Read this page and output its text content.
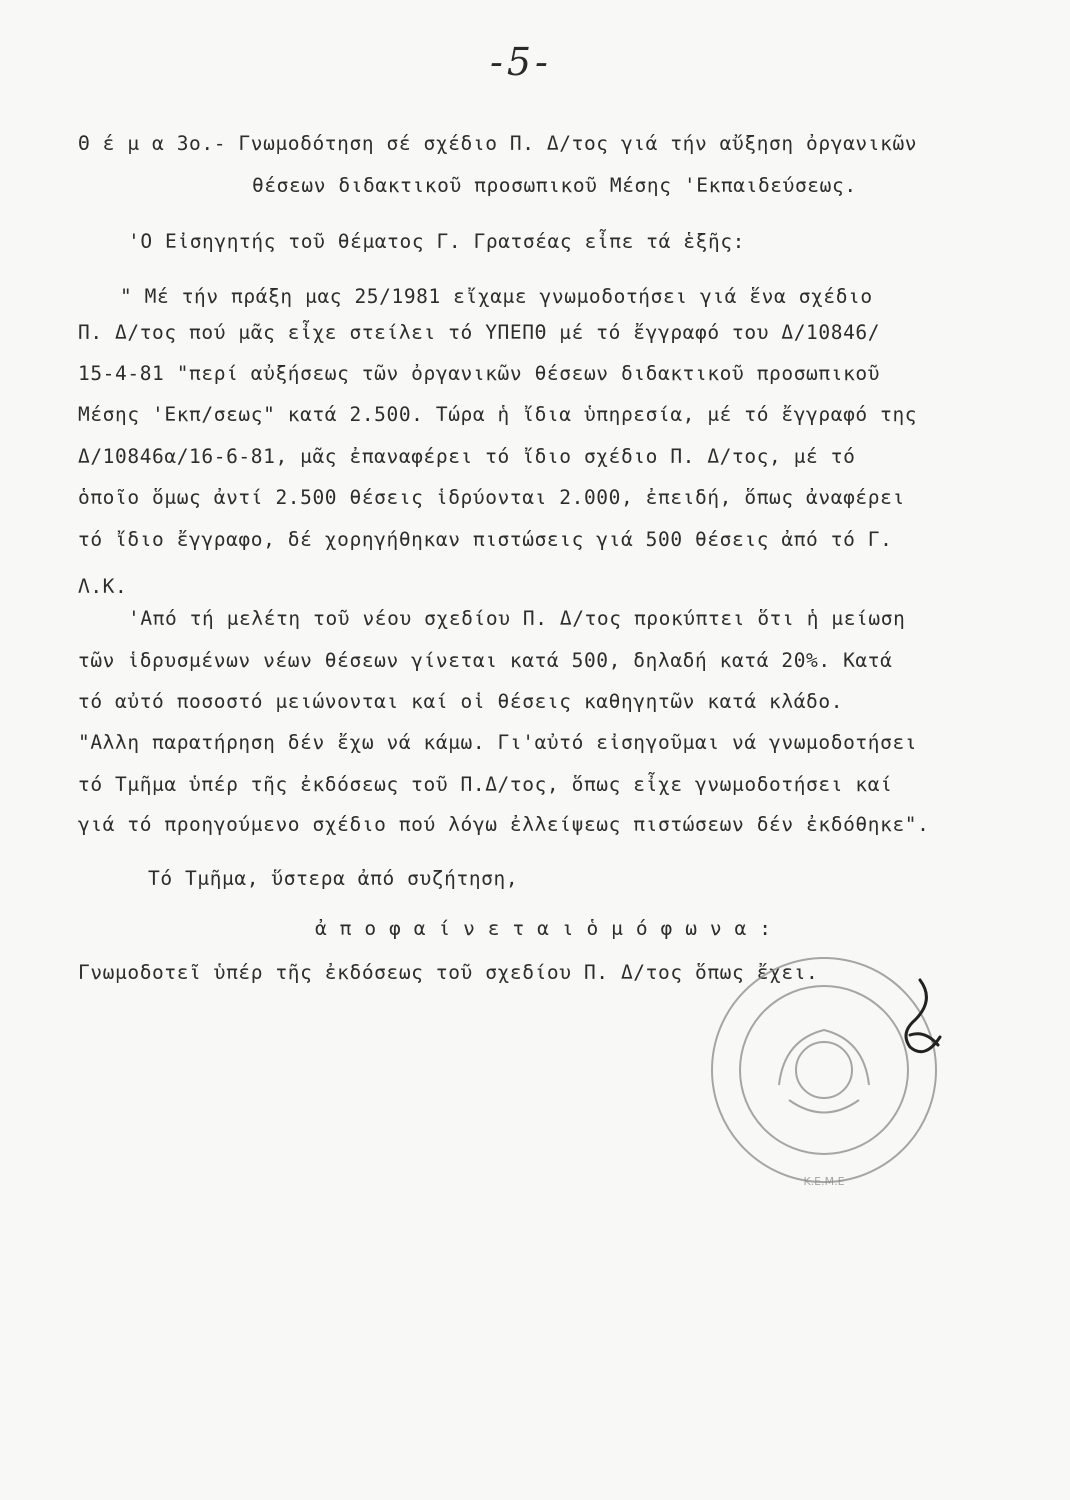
-5-
Θ έ μ α 3ο.- Γνωμοδότηση σέ σχέδιο Π. Δ/τος γιά τήν αὔξηση ὀργανικῶν
θέσεων διδακτικοῦ προσωπικοῦ Μέσης 'Εκπαιδεύσεως.
'Ο Εἰσηγητής τοῦ θέματος Γ. Γρατσέας εἶπε τά ἑξῆς:
" Μέ τήν πράξη μας 25/1981 εἴχαμε γνωμοδοτήσει γιά ἕνα σχέδιο
Π. Δ/τος πού μᾶς εἶχε στείλει τό ΥΠΕΠΘ μέ τό ἔγγραφό του Δ/10846/
15-4-81 "περί αὐξήσεως τῶν ὀργανικῶν θέσεων διδακτικοῦ προσωπικοῦ
Μέσης 'Εκπ/σεως" κατά 2.500. Τώρα ἡ ἴδια ὑπηρεσία, μέ τό ἔγγραφό της
Δ/10846α/16-6-81, μᾶς ἐπαναφέρει τό ἴδιο σχέδιο Π. Δ/τος, μέ τό
ὁποῖο ὅμως ἀντί 2.500 θέσεις ἱδρύονται 2.000, ἐπειδή, ὅπως ἀναφέρει
τό ἴδιο ἔγγραφο, δέ χορηγήθηκαν πιστώσεις γιά 500 θέσεις ἀπό τό Γ.
Λ.Κ.
'Από τή μελέτη τοῦ νέου σχεδίου Π. Δ/τος προκύπτει ὅτι ἡ μείωση
τῶν ἱδρυσμένων νέων θέσεων γίνεται κατά 500, δηλαδή κατά 20%. Κατά
τό αὐτό ποσοστό μειώνονται καί οἱ θέσεις καθηγητῶν κατά κλάδο.
"Αλλη παρατήρηση δέν ἔχω νά κάμω. Γι'αὐτό εἰσηγοῦμαι νά γνωμοδοτήσει
τό Τμῆμα ὑπέρ τῆς ἐκδόσεως τοῦ Π.Δ/τος, ὅπως εἶχε γνωμοδοτήσει καί
γιά τό προηγούμενο σχέδιο πού λόγω ἐλλείψεως πιστώσεων δέν ἐκδόθηκε".
Τό Τμῆμα, ὕστερα ἀπό συζήτηση,
ἀ π ο φ α ί ν ε τ α ι ὁ μ ό φ ω ν α :
Γνωμοδοτεῖ ὑπέρ τῆς ἐκδόσεως τοῦ σχεδίου Π. Δ/τος ὅπως ἔχει.
Κ.Ε.Μ.Ε
